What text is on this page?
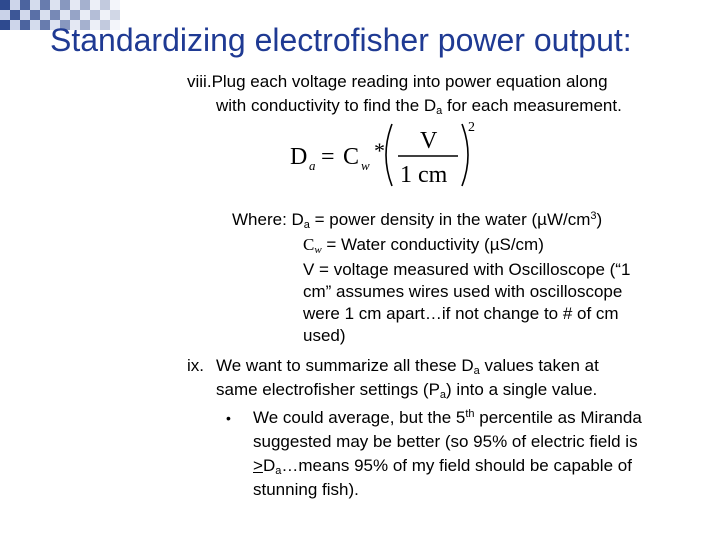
Standardizing electrofisher power output:
viii.Plug each voltage reading into power equation along
with conductivity to find the $D_a$ for each measurement.
D a = C w
* V
1 cm
2
Where: $D_a$ = power density in the water $(\mu W/cm^3)$
$C_w$ = Water conductivity (µS/cm)
V = voltage measured with Oscilloscope (“1
cm” assumes wires used with oscilloscope
were 1 cm apart…if not change to # of cm
used)
ix. We want to summarize all these $D_a$ values taken at
same electrofisher settings $(P_a)$ into a single value.
• We could average, but the 5th percentile as Miranda
suggested may be better (so 95% of electric field is
$>D_a\dots means$ 95% of my field should be capable of
stunning fish).
